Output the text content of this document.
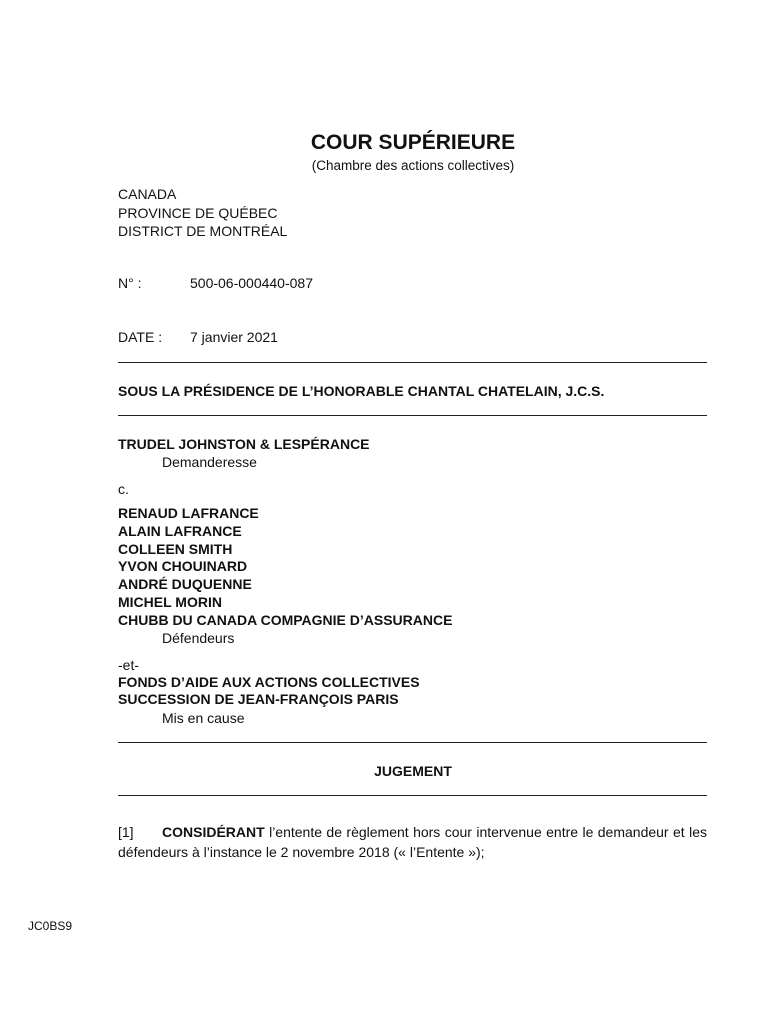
COUR SUPÉRIEURE
(Chambre des actions collectives)
CANADA
PROVINCE DE QUÉBEC
DISTRICT DE MONTRÉAL
N° :	500-06-000440-087
DATE : 7 janvier 2021
SOUS LA PRÉSIDENCE DE L’HONORABLE CHANTAL CHATELAIN, J.C.S.
TRUDEL JOHNSTON & LESPÉRANCE
Demanderesse
c.
RENAUD LAFRANCE
ALAIN LAFRANCE
COLLEEN SMITH
YVON CHOUINARD
ANDRÉ DUQUENNE
MICHEL MORIN
CHUBB DU CANADA COMPAGNIE D’ASSURANCE
Défendeurs
-et-
FONDS D’AIDE AUX ACTIONS COLLECTIVES
SUCCESSION DE JEAN-FRANÇOIS PARIS
Mis en cause
JUGEMENT
[1] CONSIDÉRANT l’entente de règlement hors cour intervenue entre le demandeur et les défendeurs à l’instance le 2 novembre 2018 (« l’Entente »);
JC0BS9
